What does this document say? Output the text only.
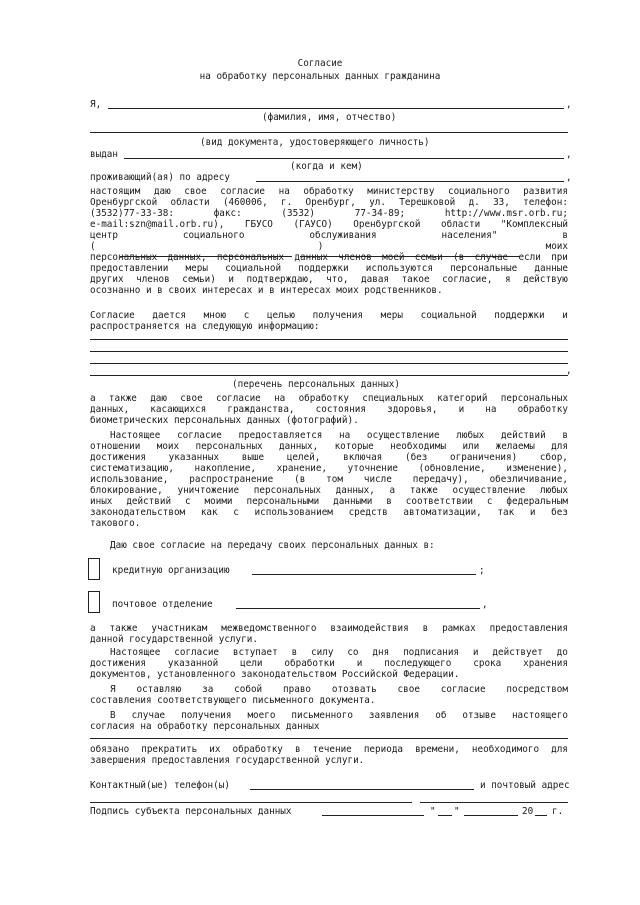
Согласие
на обработку персональных данных гражданина
Я,	,
(фамилия, имя, отчество)
(вид документа, удостоверяющего личность)
выдан	,
(когда и кем)
проживающий(ая) по адресу	,
настоящим даю свое согласие на обработку министерству социального развития
Оренбургской области (460006, г. Оренбург, ул. Терешковой д. 33, телефон:
(3532)77-33-38:	факс:	(3532)	77-34-89;	http://www.msr.orb.ru;
e-mail:szn@mail.orb.ru), ГБУСО (ГАУСО) Оренбургской области "Комплексный
центр	социального	обслуживания	населения"	в
(	)	моих
персональных данных, персональных данных членов моей семьи (в случае если при
предоставлении меры социальной поддержки используются персональные данные
других членов семьи) и подтверждаю, что, давая такое согласие, я действую
осознанно и в своих интересах и в интересах моих родственников.
Согласие дается мною с целью получения меры социальной поддержки и
распространяется на следующую информацию:
,
(перечень персональных данных)
а также даю свое согласие на обработку специальных категорий персональных
данных, касающихся гражданства, состояния здоровья, и на обработку
биометрических персональных данных (фотографий).
Настоящее согласие предоставляется на осуществление любых действий в
отношении моих персональных данных, которые необходимы или желаемы для
достижения указанных выше целей, включая (без ограничения) сбор,
систематизацию, накопление, хранение, уточнение (обновление, изменение),
использование, распространение (в том числе передачу), обезличивание,
блокирование, уничтожение персональных данных, а также осуществление любых
иных действий с моими персональными данными в соответствии с федеральным
законодательством как с использованием средств автоматизации, так и без
такового.
Даю свое согласие на передачу своих персональных данных в:
кредитную организацию	;
почтовое отделение	,
а также участникам межведомственного взаимодействия в рамках предоставления
данной государственной услуги.
Настоящее согласие вступает в силу со дня подписания и действует до
достижения указанной цели обработки и последующего срока хранения
документов, установленного законодательством Российской Федерации.
Я оставляю за собой право отозвать свое согласие посредством
составления соответствующего письменного документа.
В случае получения моего письменного заявления об отзыве настоящего
согласия на обработку персональных данных
обязано прекратить их обработку в течение периода времени, необходимого для
завершения предоставления государственной услуги.
Контактный(ые) телефон(ы)	и почтовый адрес
Подпись субъекта персональных данных	" "	20 г.
